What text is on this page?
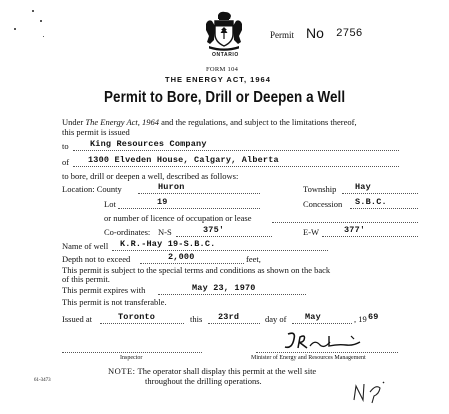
ONTARIO
Permit No 2756
FORM 104
THE ENERGY ACT, 1964
Permit to Bore, Drill or Deepen a Well
Under The Energy Act, 1964 and the regulations, and subject to the limitations thereof,
this permit is issued
to	King Resources Company
of 1300 Elveden House, Calgary, Alberta
to bore, drill or deepen a well, described as follows:
Location: County	Huron	Township Hay
Lot	19	Concession S.B.C.
or number of licence of occupation or lease
Co-ordinates: N-S	375'	E-W	377'
Name of well K.R.-Hay 19-S.B.C.
Depth not to exceed	2,000	feet,
This permit is subject to the special terms and conditions as shown on the back
of this permit.
This permit expires with	May 23, 1970
This permit is not transferable.
Issued at	Toronto	this 23rd	day of May	, 19 69
Inspector	Minister of Energy and Resources Management
61-3473
NOTE: The operator shall display this permit at the well site
throughout the drilling operations.
